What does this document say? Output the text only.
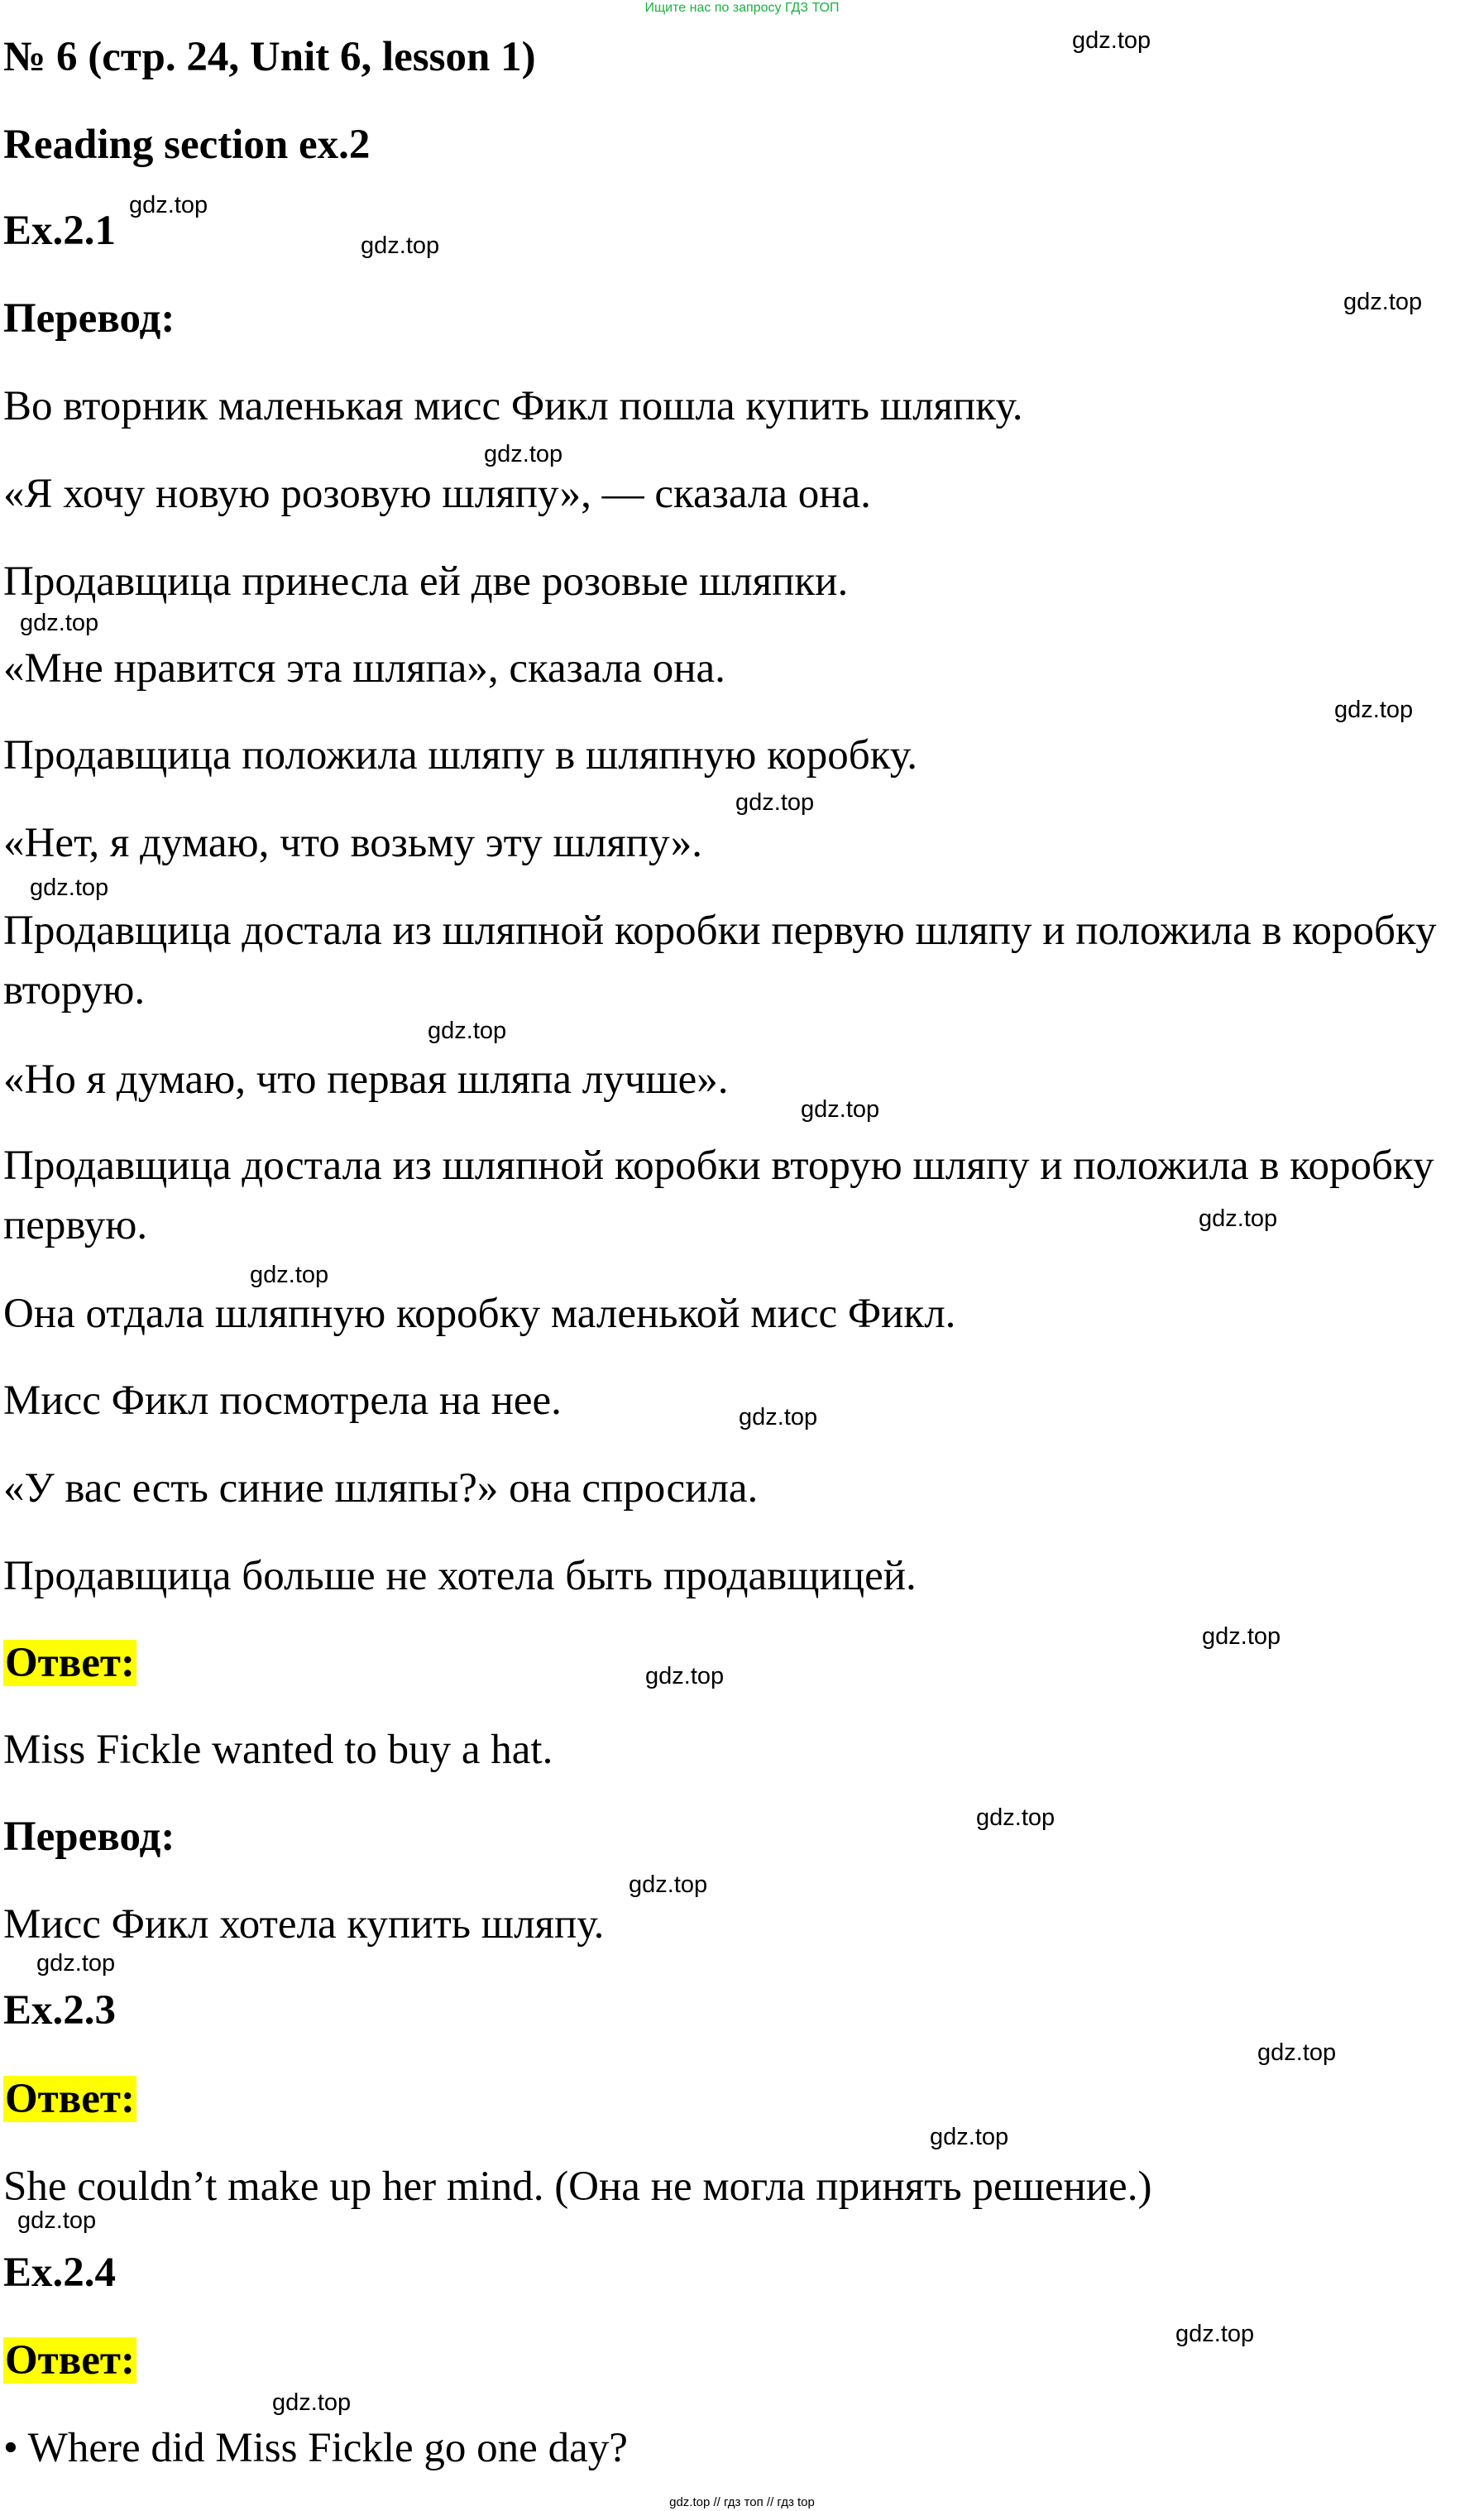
Ищите нас по запросу ГДЗ ТОП
№ 6 (стр. 24, Unit 6, lesson 1)
Reading section ex.2
Ex.2.1
Перевод:
Во вторник маленькая мисс Фикл пошла купить шляпку.
«Я хочу новую розовую шляпу», — сказала она.
Продавщица принесла ей две розовые шляпки.
«Мне нравится эта шляпа», сказала она.
Продавщица положила шляпу в шляпную коробку.
«Нет, я думаю, что возьму эту шляпу».
Продавщица достала из шляпной коробки первую шляпу и положила в коробку вторую.
«Но я думаю, что первая шляпа лучше».
Продавщица достала из шляпной коробки вторую шляпу и положила в коробку первую.
Она отдала шляпную коробку маленькой мисс Фикл.
Мисс Фикл посмотрела на нее.
«У вас есть синие шляпы?» она спросила.
Продавщица больше не хотела быть продавщицей.
Ответ:
Miss Fickle wanted to buy a hat.
Перевод:
Мисс Фикл хотела купить шляпу.
Ex.2.3
Ответ:
She couldn’t make up her mind. (Она не могла принять решение.)
Ex.2.4
Ответ:
• Where did Miss Fickle go one day?
gdz.top
gdz.top
gdz.top
gdz.top
gdz.top
gdz.top
gdz.top
gdz.top
gdz.top
gdz.top
gdz.top
gdz.top
gdz.top
gdz.top
gdz.top
gdz.top
gdz.top
gdz.top
gdz.top
gdz.top
gdz.top
gdz.top
gdz.top
gdz.top
gdz.top // гдз топ // гдз top
